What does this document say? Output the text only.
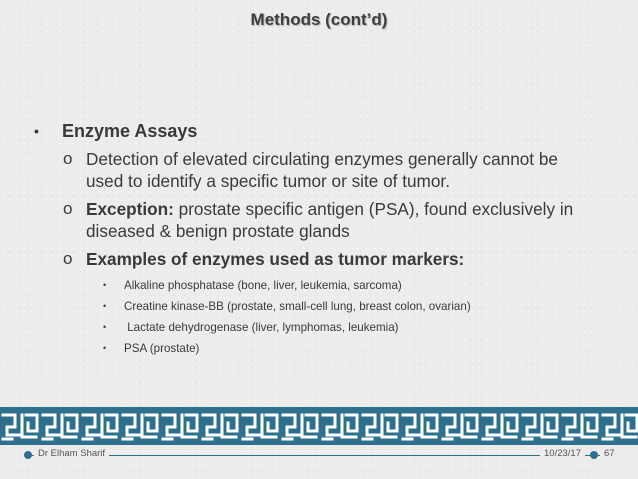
Methods (cont’d)
• Enzyme Assays
o Detection of elevated circulating enzymes generally cannot be used to identify a specific tumor or site of tumor.
o Exception: prostate specific antigen (PSA), found exclusively in diseased & benign prostate glands
o Examples of enzymes used as tumor markers:
• Alkaline phosphatase (bone, liver, leukemia, sarcoma)
• Creatine kinase-BB (prostate, small-cell lung, breast colon, ovarian)
• Lactate dehydrogenase (liver, lymphomas, leukemia)
• PSA (prostate)
Dr Elham Sharif	10/23/17	67
